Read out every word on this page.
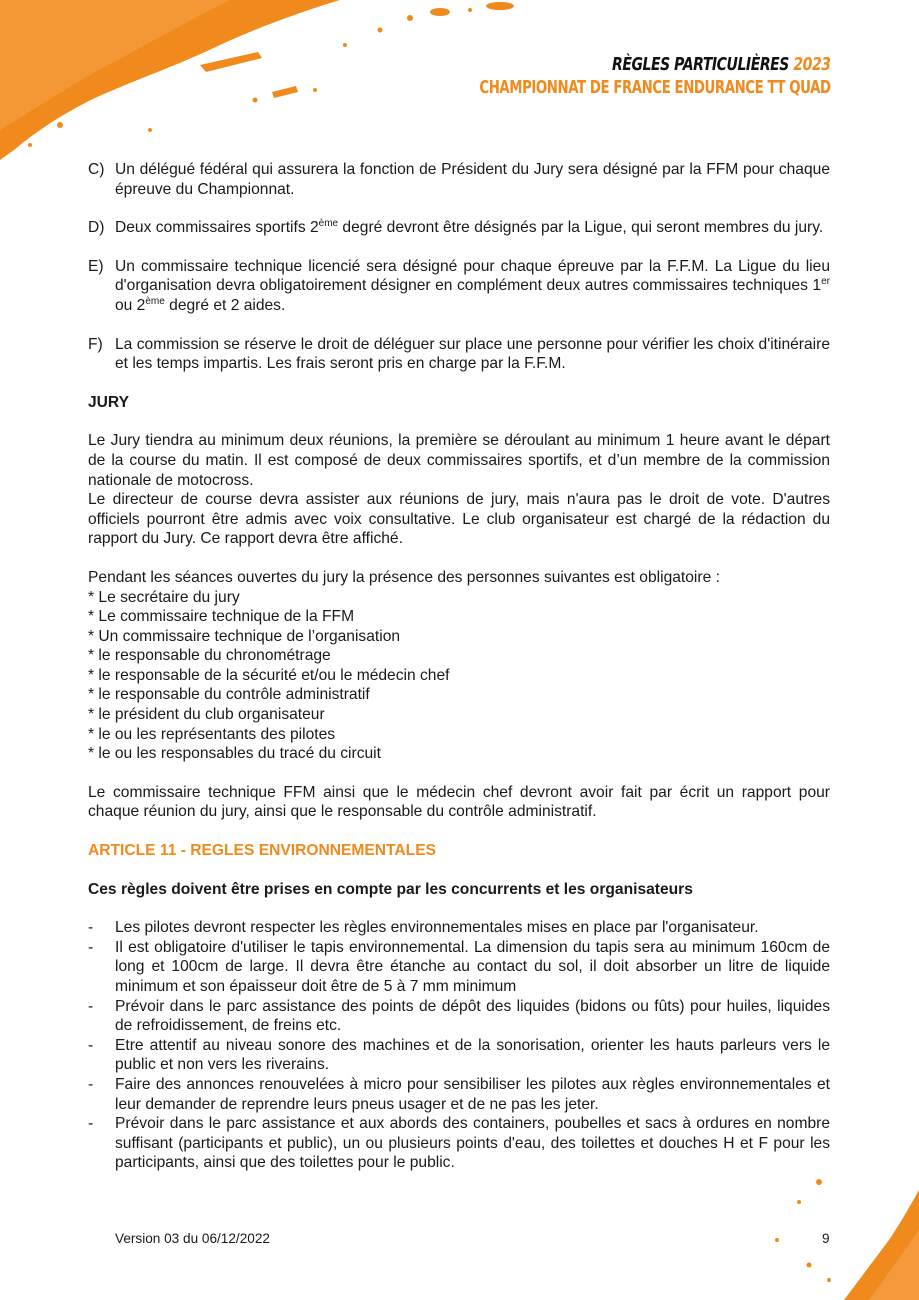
RÈGLES PARTICULIÈRES 2023
CHAMPIONNAT DE FRANCE ENDURANCE TT QUAD
C) Un délégué fédéral qui assurera la fonction de Président du Jury sera désigné par la FFM pour chaque épreuve du Championnat.
D) Deux commissaires sportifs 2ème degré devront être désignés par la Ligue, qui seront membres du jury.
E) Un commissaire technique licencié sera désigné pour chaque épreuve par la F.F.M. La Ligue du lieu d'organisation devra obligatoirement désigner en complément deux autres commissaires techniques 1er ou 2ème degré et 2 aides.
F) La commission se réserve le droit de déléguer sur place une personne pour vérifier les choix d'itinéraire et les temps impartis. Les frais seront pris en charge par la F.F.M.

JURY

Le Jury tiendra au minimum deux réunions, la première se déroulant au minimum 1 heure avant le départ de la course du matin. Il est composé de deux commissaires sportifs, et d’un membre de la commission nationale de motocross.

Le directeur de course devra assister aux réunions de jury, mais n'aura pas le droit de vote. D'autres officiels pourront être admis avec voix consultative. Le club organisateur est chargé de la rédaction du rapport du Jury. Ce rapport devra être affiché.

Pendant les séances ouvertes du jury la présence des personnes suivantes est obligatoire :

* Le secrétaire du jury

* Le commissaire technique de la FFM

* Un commissaire technique de l’organisation

* le responsable du chronométrage

* le responsable de la sécurité et/ou le médecin chef

* le responsable du contrôle administratif

* le président du club organisateur

* le ou les représentants des pilotes

* le ou les responsables du tracé du circuit

Le commissaire technique FFM ainsi que le médecin chef devront avoir fait par écrit un rapport pour chaque réunion du jury, ainsi que le responsable du contrôle administratif.

ARTICLE 11 - REGLES ENVIRONNEMENTALES

Ces règles doivent être prises en compte par les concurrents et les organisateurs

-	Les pilotes devront respecter les règles environnementales mises en place par l'organisateur.
-	Il est obligatoire d'utiliser le tapis environnemental. La dimension du tapis sera au minimum 160cm de long et 100cm de large. Il devra être étanche au contact du sol, il doit absorber un litre de liquide minimum et son épaisseur doit être de 5 à 7 mm minimum
-	Prévoir dans le parc assistance des points de dépôt des liquides (bidons ou fûts) pour huiles, liquides de refroidissement, de freins etc.
-	Etre attentif au niveau sonore des machines et de la sonorisation, orienter les hauts parleurs vers le public et non vers les riverains.
-	Faire des annonces renouvelées à micro pour sensibiliser les pilotes aux règles environnementales et leur demander de reprendre leurs pneus usager et de ne pas les jeter.
-	Prévoir dans le parc assistance et aux abords des containers, poubelles et sacs à ordures en nombre suffisant (participants et public), un ou plusieurs points d'eau, des toilettes et douches H et F pour les participants, ainsi que des toilettes pour le public.
Version 03 du 06/12/2022	9
